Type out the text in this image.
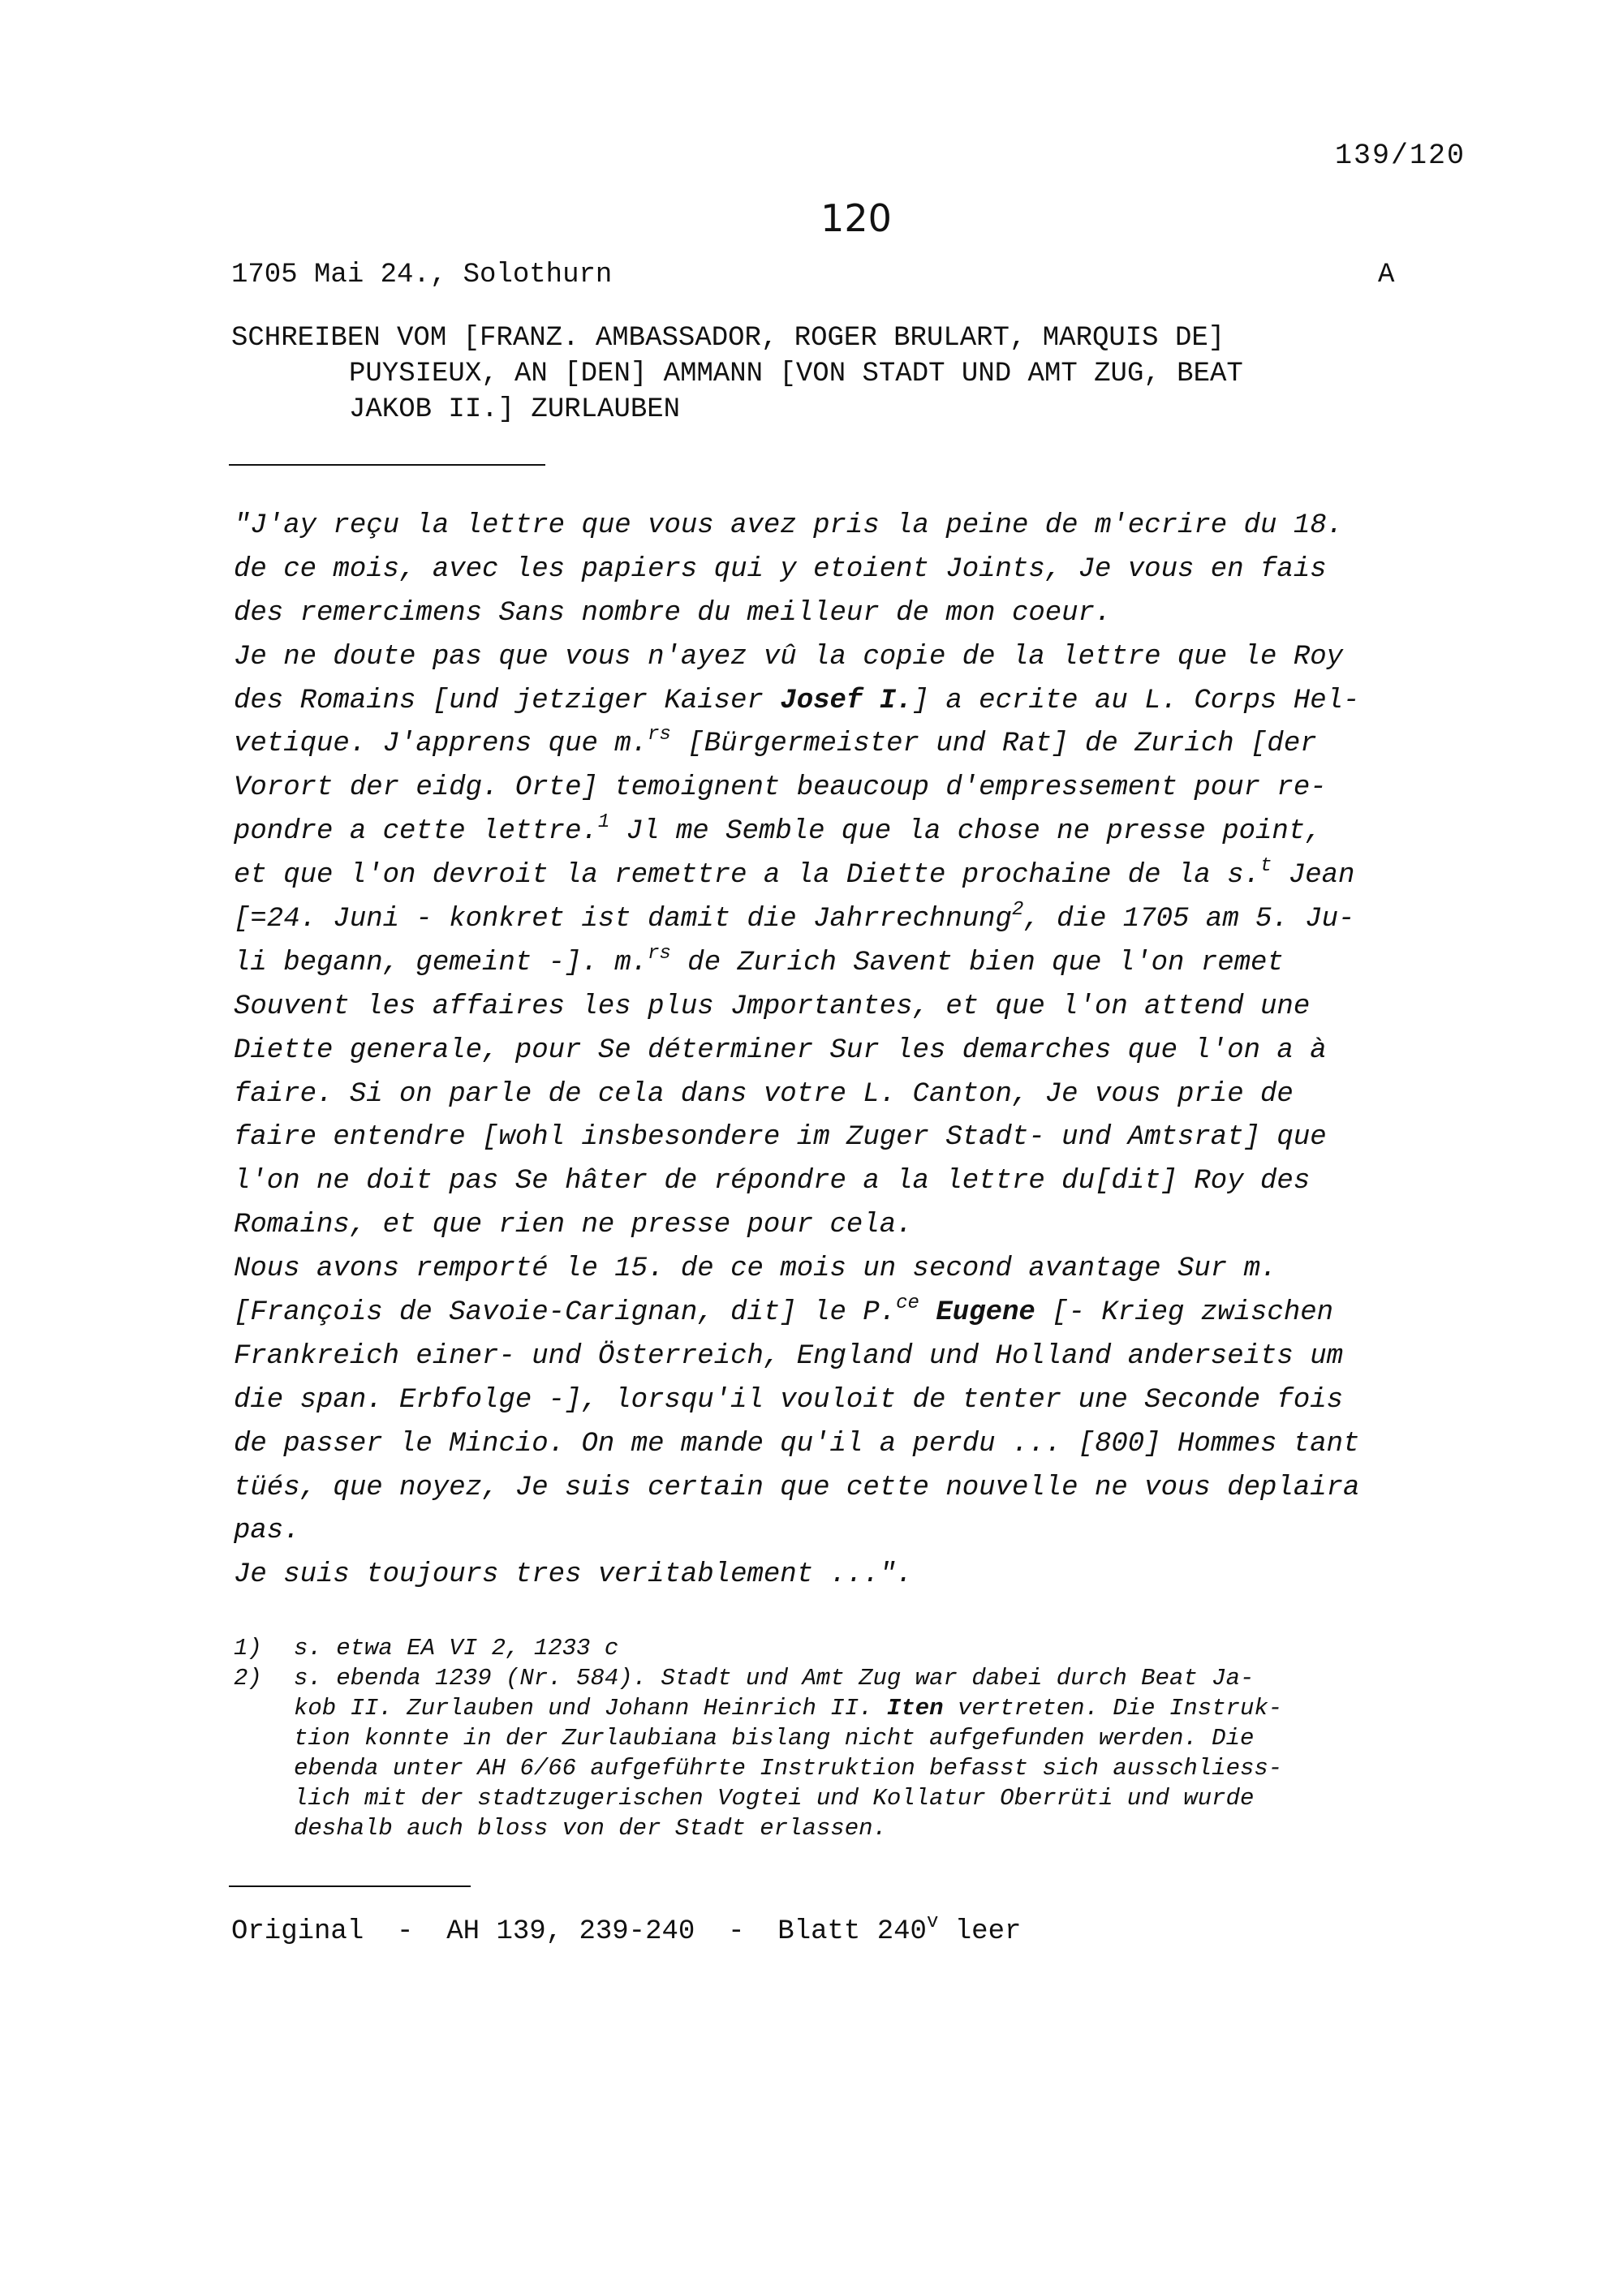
139/120
120
1705 Mai 24., Solothurn	A
SCHREIBEN VOM [FRANZ. AMBASSADOR, ROGER BRULART, MARQUIS DE]
PUYSIEUX, AN [DEN] AMMANN [VON STADT UND AMT ZUG, BEAT
JAKOB II.] ZURLAUBEN
"J'ay reçu la lettre que vous avez pris la peine de m'ecrire du 18.
de ce mois, avec les papiers qui y etoient Joints, Je vous en fais
des remercimens Sans nombre du meilleur de mon coeur.
Je ne doute pas que vous n'ayez vû la copie de la lettre que le Roy
des Romains [und jetziger Kaiser Josef I.] a ecrite au L. Corps Hel-
vetique. J'apprens que m.$^{rs}$ [Bürgermeister und Rat] de Zurich [der
Vorort der eidg. Orte] temoignent beaucoup d'empressement pour re-
pondre a cette lettre.$^1$ Jl me Semble que la chose ne presse point,
et que l'on devroit la remettre a la Diette prochaine de la s.$^t$ Jean
[=24. Juni - konkret ist damit die Jahrrechnung$^2$, die 1705 am 5. Ju-
li begann, gemeint -]. m.$^{rs}$ de Zurich Savent bien que l'on remet
Souvent les affaires les plus Jmportantes, et que l'on attend une
Diette generale, pour Se déterminer Sur les demarches que l'on a à
faire. Si on parle de cela dans votre L. Canton, Je vous prie de
faire entendre [wohl insbesondere im Zuger Stadt- und Amtsrat] que
l'on ne doit pas Se hâter de répondre a la lettre du[dit] Roy des
Romains, et que rien ne presse pour cela.
Nous avons remporté le 15. de ce mois un second avantage Sur m.
[François de Savoie-Carignan, dit] le P.$^{ce}$ Eugene [- Krieg zwischen
Frankreich einer- und Österreich, England und Holland anderseits um
die span. Erbfolge -], lorsqu'il vouloit de tenter une Seconde fois
de passer le Mincio. On me mande qu'il a perdu ... [800] Hommes tant
tüés, que noyez, Je suis certain que cette nouvelle ne vous deplaira
pas.
Je suis toujours tres veritablement ...".
1)	s. etwa EA VI 2, 1233 c
2)	s. ebenda 1239 (Nr. 584). Stadt und Amt Zug war dabei durch Beat Ja-
kob II. Zurlauben und Johann Heinrich II. Iten vertreten. Die Instruk-
tion konnte in der Zurlaubiana bislang nicht aufgefunden werden. Die
ebenda unter AH 6/66 aufgeführte Instruktion befasst sich ausschliess-
lich mit der stadtzugerischen Vogtei und Kollatur Oberrüti und wurde
deshalb auch bloss von der Stadt erlassen.
Original  -  AH 139, 239-240  -  Blatt 240$^v$ leer
